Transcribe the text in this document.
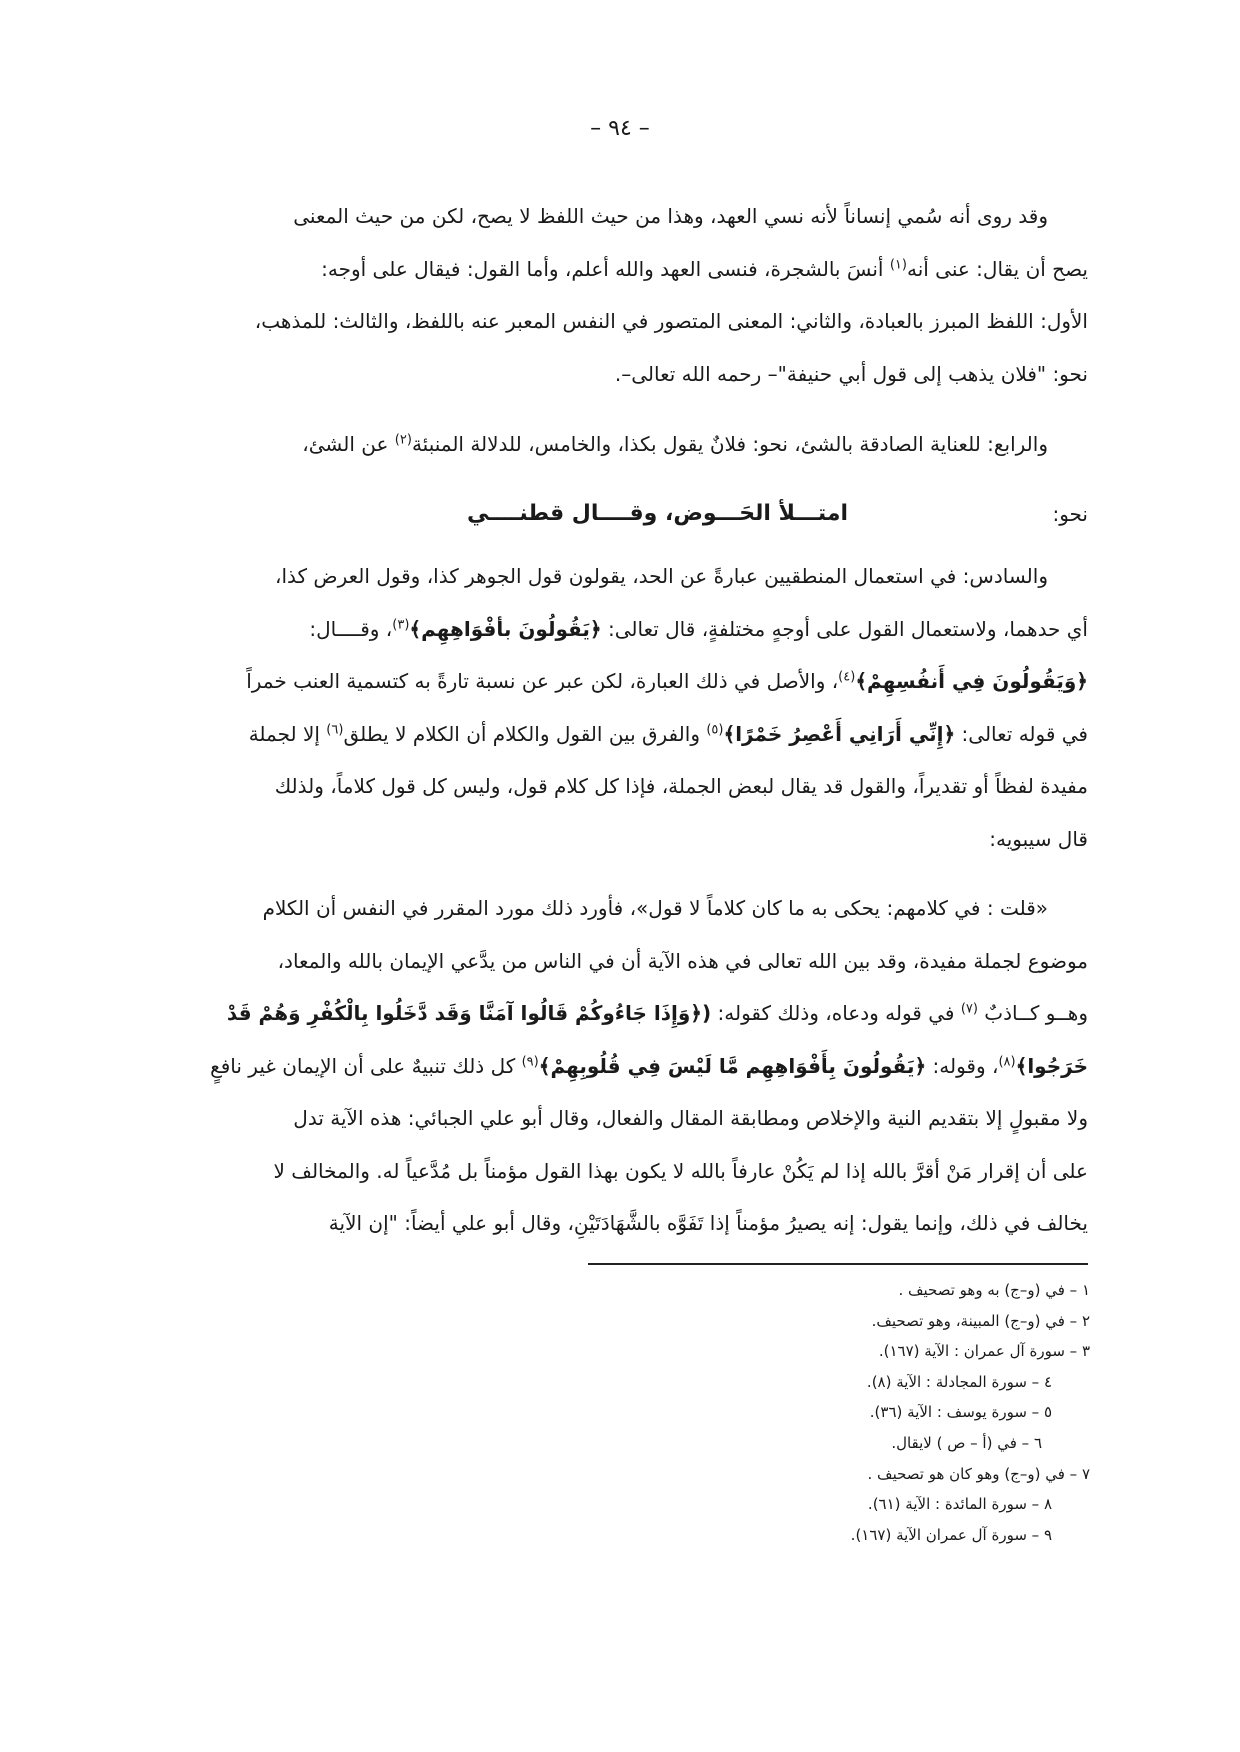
– ٩٤ –

وقد روى أنه سُمي إنساناً لأنه نسي العهد، وهذا من حيث اللفظ لا يصح، لكن من حيث المعنى

يصح أن يقال: عنى أنه$^{(١)}$ أنسَ بالشجرة، فنسى العهد والله أعلم، وأما القول: فيقال على أوجه:

الأول: اللفظ المبرز بالعبادة، والثاني: المعنى المتصور في النفس المعبر عنه باللفظ، والثالث: للمذهب،

نحو: "فلان يذهب إلى قول أبي حنيفة"– رحمه الله تعالى–.

والرابع: للعناية الصادقة بالشئ، نحو: فلانٌ يقول بكذا، والخامس، للدلالة المنبئة$^{(٢)}$ عن الشئ،

نحو:
امتـــلأ الحَـــوض، وقــــال قطنــــي

والسادس: في استعمال المنطقيين عبارةً عن الحد، يقولون قول الجوهر كذا، وقول العرض كذا،

أي حدهما، ولاستعمال القول على أوجهٍ مختلفةٍ، قال تعالى: ﴿يَقُولُونَ بأفْوَاهِهِم﴾$^{(٣)}$، وقــــال:

﴿وَيَقُولُونَ فِي أَنفُسِهِمْ﴾$^{(٤)}$، والأصل في ذلك العبارة، لكن عبر عن نسبة تارةً به كتسمية العنب خمراً

في قوله تعالى: ﴿إِنِّي أَرَانِي أَعْصِرُ خَمْرًا﴾$^{(٥)}$ والفرق بين القول والكلام أن الكلام لا يطلق$^{(٦)}$ إلا لجملة

مفيدة لفظاً أو تقديراً، والقول قد يقال لبعض الجملة، فإذا كل كلام قول، وليس كل قول كلاماً، ولذلك

قال سيبويه:

«قلت : في كلامهم: يحكى به ما كان كلاماً لا قول»، فأورد ذلك مورد المقرر في النفس أن الكلام

موضوع لجملة مفيدة، وقد بين الله تعالى في هذه الآية أن في الناس من يدَّعي الإيمان بالله والمعاد،

وهــو كــاذبٌ $^{(٧)}$ في قوله ودعاه، وذلك كقوله: (﴿وَإِذَا جَاءُوكُمْ قَالُوا آمَنَّا وَقَد دَّخَلُوا بِالْكُفْرِ وَهُمْ قَدْ

خَرَجُوا﴾$^{(٨)}$، وقوله: ﴿يَقُولُونَ بِأَفْوَاهِهِم مَّا لَيْسَ فِي قُلُوبِهِمْ﴾$^{(٩)}$ كل ذلك تنبيهٌ على أن الإيمان غير نافعٍ

ولا مقبولٍ إلا بتقديم النية والإخلاص ومطابقة المقال والفعال، وقال أبو علي الجبائي: هذه الآية تدل

على أن إقرار مَنْ أقرَّ بالله إذا لم يَكُنْ عارفاً بالله لا يكون بهذا القول مؤمناً بل مُدَّعياً له. والمخالف لا

يخالف في ذلك، وإنما يقول: إنه يصيرُ مؤمناً إذا تَفَوَّه بالشَّهَادَتَيْنِ، وقال أبو علي أيضاً: "إن الآية

١ – في (و–ج) به وهو تصحيف .
٢ – في (و–ج) المبينة، وهو تصحيف.
٣ – سورة آل عمران : الآية (١٦٧).
٤ – سورة المجادلة : الآية (٨).
٥ – سورة يوسف : الآية (٣٦).
٦ – في (أ – ص ) لايقال.
٧ – في (و–ج) وهو كان هو تصحيف .
٨ – سورة المائدة : الآية (٦١).
٩ – سورة آل عمران الآية (١٦٧).
